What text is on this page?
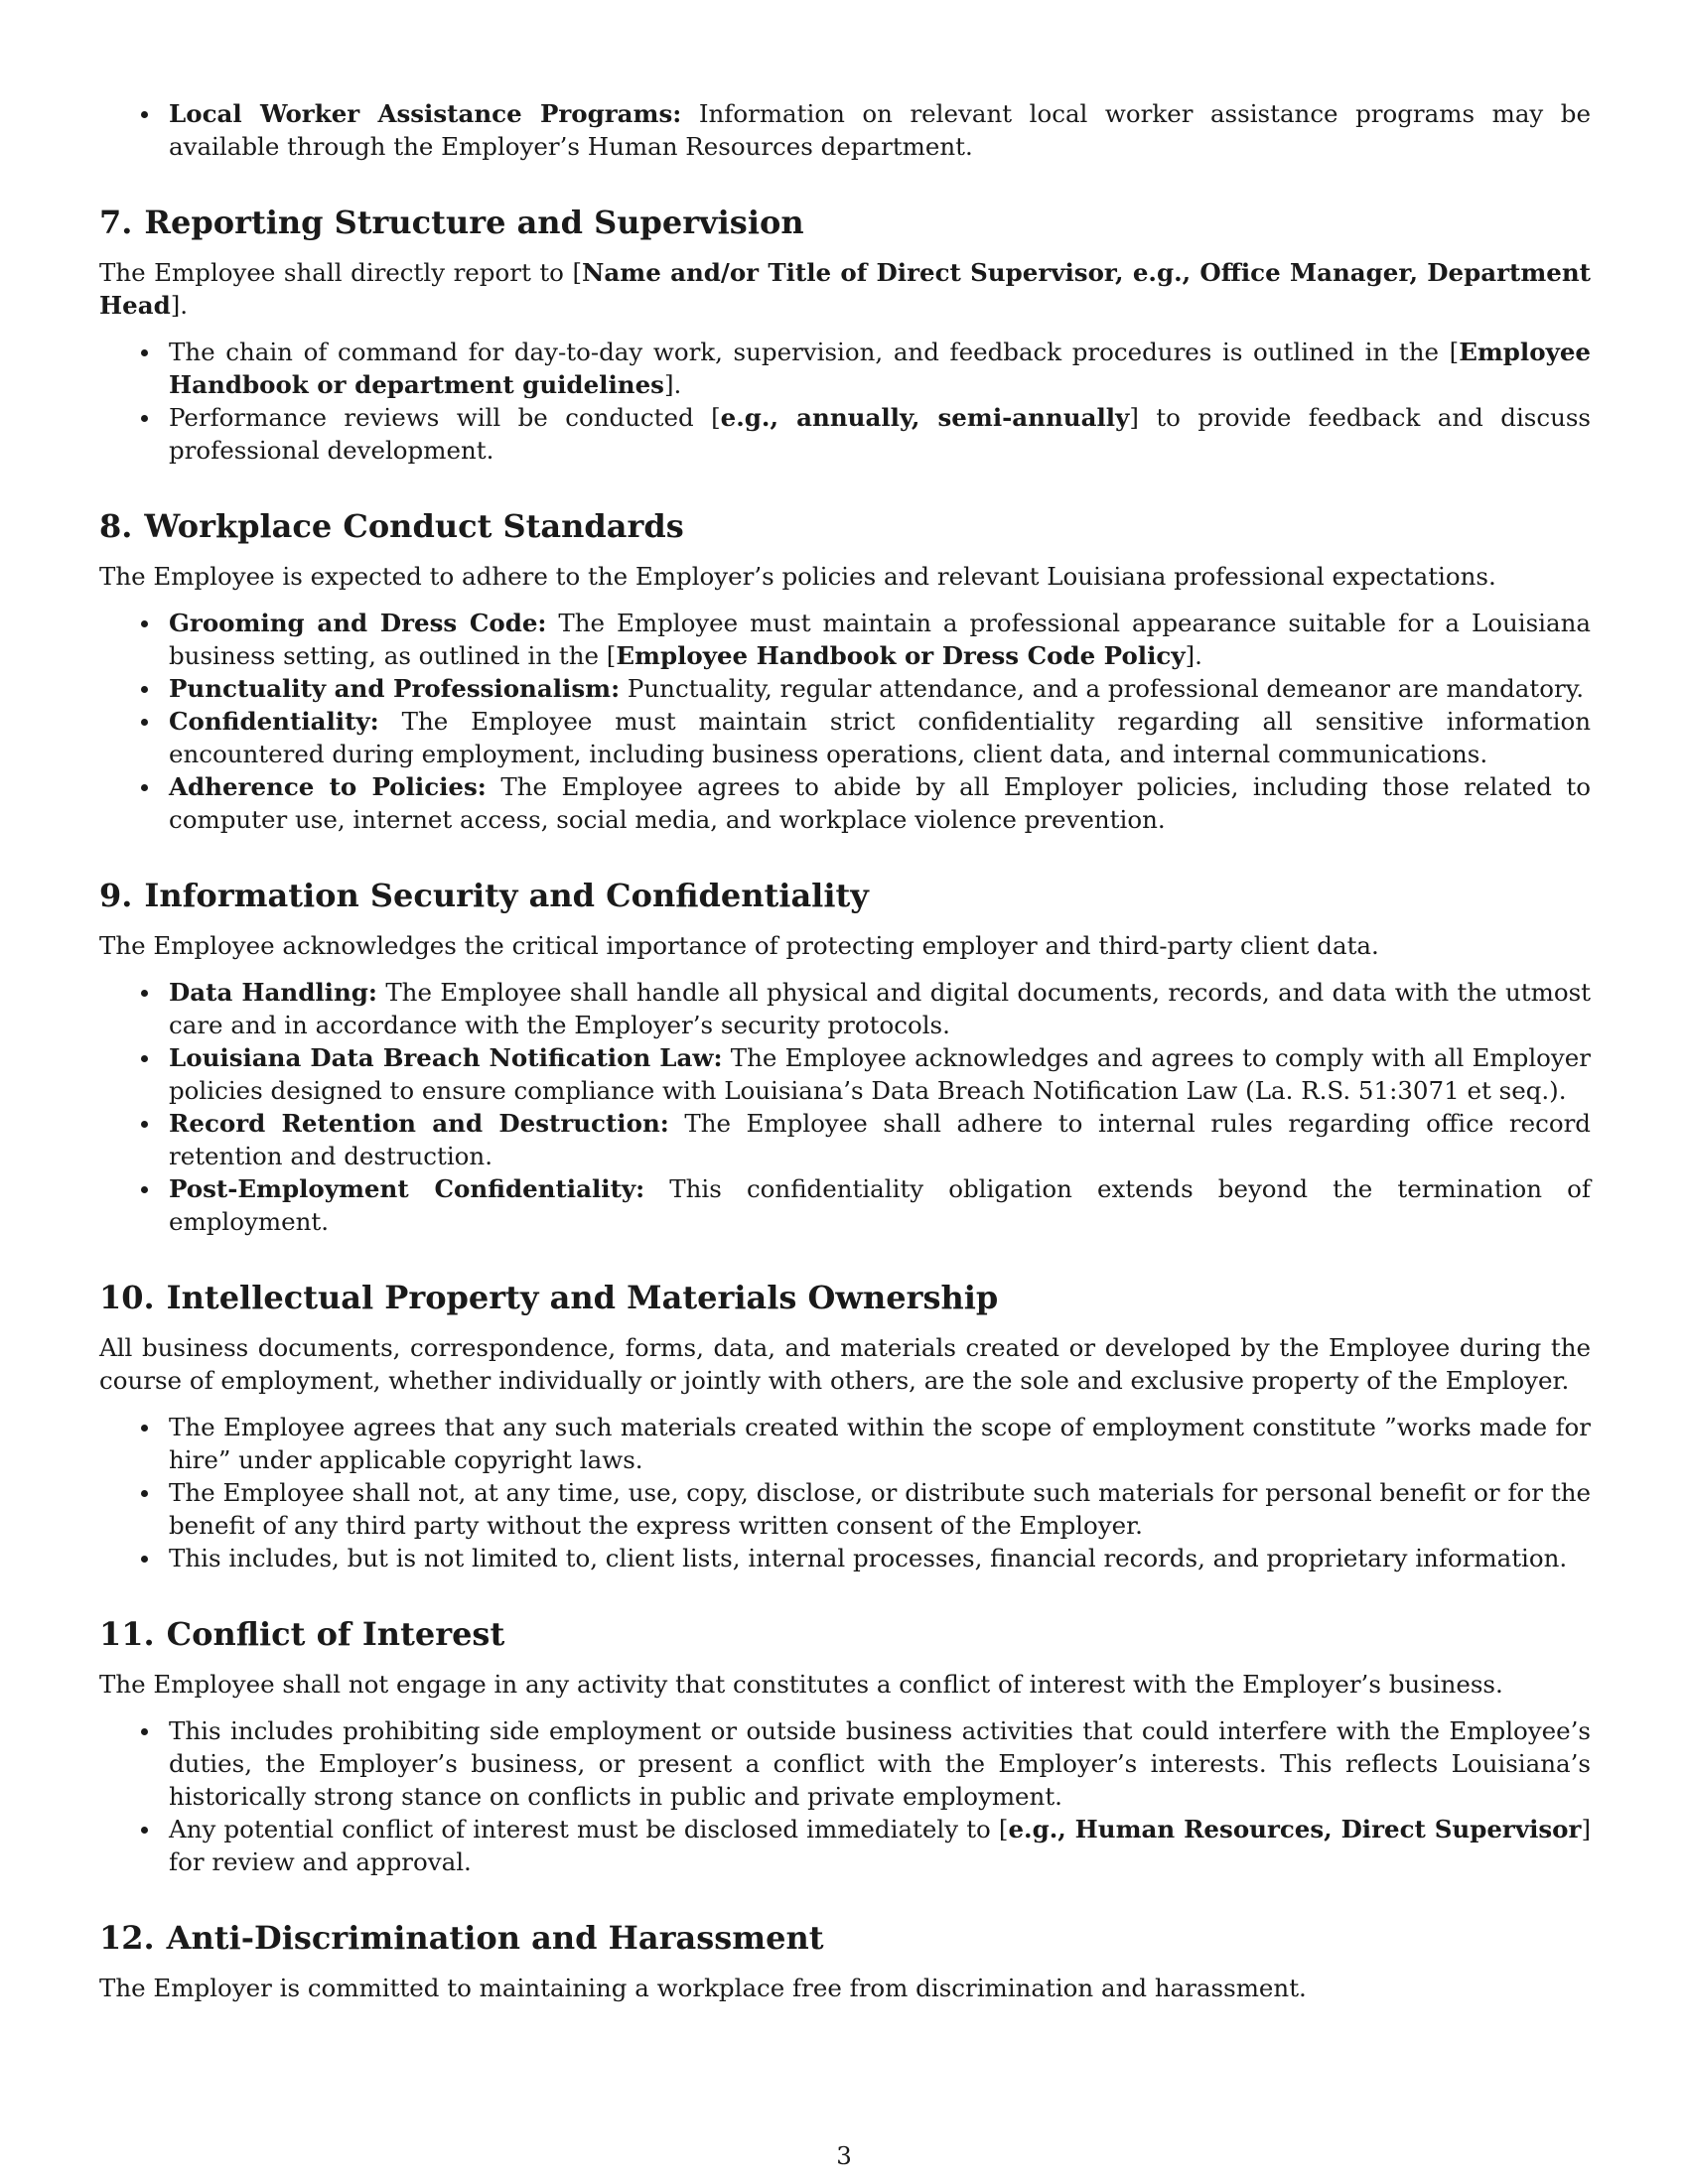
Local Worker Assistance Programs: Information on relevant local worker assistance programs may be available through the Employer’s Human Resources department.
7. Reporting Structure and Supervision

The Employee shall directly report to [Name and/or Title of Direct Supervisor, e.g., Office Manager, Department Head].

The chain of command for day-to-day work, supervision, and feedback procedures is outlined in the [Employee Handbook or department guidelines].
Performance reviews will be conducted [e.g., annually, semi-annually] to provide feedback and discuss professional development.
8. Workplace Conduct Standards

The Employee is expected to adhere to the Employer’s policies and relevant Louisiana professional expectations.

Grooming and Dress Code: The Employee must maintain a professional appearance suitable for a Louisiana business setting, as outlined in the [Employee Handbook or Dress Code Policy].
Punctuality and Professionalism: Punctuality, regular attendance, and a professional demeanor are mandatory.
Confidentiality: The Employee must maintain strict confidentiality regarding all sensitive information encountered during employment, including business operations, client data, and internal communications.
Adherence to Policies: The Employee agrees to abide by all Employer policies, including those related to computer use, internet access, social media, and workplace violence prevention.
9. Information Security and Confidentiality

The Employee acknowledges the critical importance of protecting employer and third-party client data.

Data Handling: The Employee shall handle all physical and digital documents, records, and data with the utmost care and in accordance with the Employer’s security protocols.
Louisiana Data Breach Notification Law: The Employee acknowledges and agrees to comply with all Employer policies designed to ensure compliance with Louisiana’s Data Breach Notification Law (La. R.S. 51:3071 et seq.).
Record Retention and Destruction: The Employee shall adhere to internal rules regarding office record retention and destruction.
Post-Employment Confidentiality: This confidentiality obligation extends beyond the termination of employment.
10. Intellectual Property and Materials Ownership

All business documents, correspondence, forms, data, and materials created or developed by the Employee during the course of employment, whether individually or jointly with others, are the sole and exclusive property of the Employer.

The Employee agrees that any such materials created within the scope of employment constitute ”works made for hire” under applicable copyright laws.
The Employee shall not, at any time, use, copy, disclose, or distribute such materials for personal benefit or for the benefit of any third party without the express written consent of the Employer.
This includes, but is not limited to, client lists, internal processes, financial records, and proprietary information.
11. Conflict of Interest

The Employee shall not engage in any activity that constitutes a conflict of interest with the Employer’s business.

This includes prohibiting side employment or outside business activities that could interfere with the Employee’s duties, the Employer’s business, or present a conflict with the Employer’s interests. This reflects Louisiana’s historically strong stance on conflicts in public and private employment.
Any potential conflict of interest must be disclosed immediately to [e.g., Human Resources, Direct Supervisor] for review and approval.
12. Anti-Discrimination and Harassment

The Employer is committed to maintaining a workplace free from discrimination and harassment.

3
